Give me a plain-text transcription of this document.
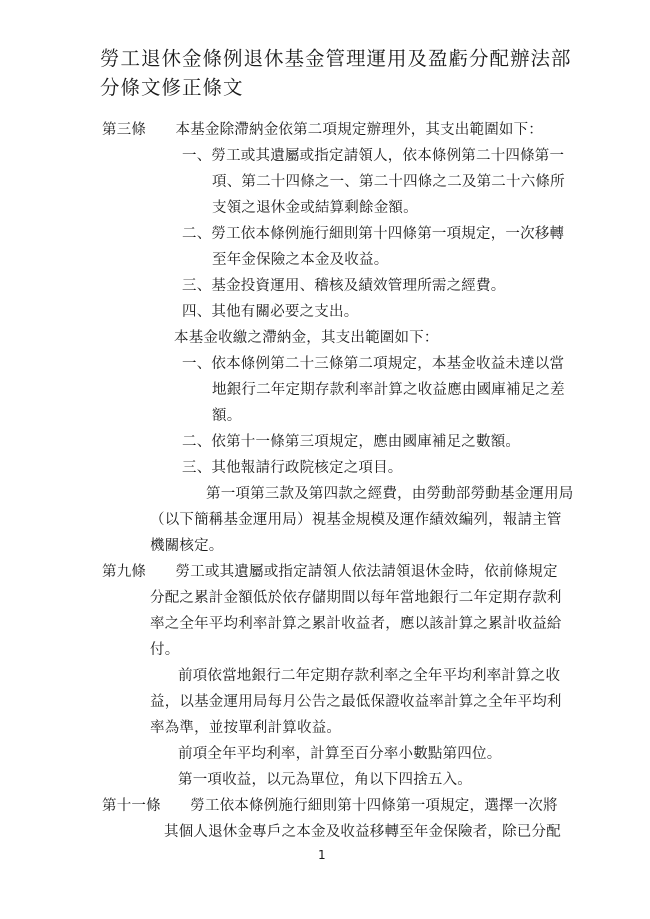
勞工退休金條例退休基金管理運用及盈虧分配辦法部
分條文修正條文
第三條　　本基金除滯納金依第二項規定辦理外，其支出範圍如下：
一、勞工或其遺屬或指定請領人，依本條例第二十四條第一
項、第二十四條之一、第二十四條之二及第二十六條所
支領之退休金或結算剩餘金額。
二、勞工依本條例施行細則第十四條第一項規定，一次移轉
至年金保險之本金及收益。
三、基金投資運用、稽核及績效管理所需之經費。
四、其他有關必要之支出。
本基金收繳之滯納金，其支出範圍如下：
一、依本條例第二十三條第二項規定，本基金收益未達以當
地銀行二年定期存款利率計算之收益應由國庫補足之差
額。
二、依第十一條第三項規定，應由國庫補足之數額。
三、其他報請行政院核定之項目。
第一項第三款及第四款之經費，由勞動部勞動基金運用局
（以下簡稱基金運用局）視基金規模及運作績效編列，報請主管
機關核定。
第九條　　勞工或其遺屬或指定請領人依法請領退休金時，依前條規定
分配之累計金額低於依存儲期間以每年當地銀行二年定期存款利
率之全年平均利率計算之累計收益者，應以該計算之累計收益給
付。
前項依當地銀行二年定期存款利率之全年平均利率計算之收
益，以基金運用局每月公告之最低保證收益率計算之全年平均利
率為準，並按單利計算收益。
前項全年平均利率，計算至百分率小數點第四位。
第一項收益，以元為單位，角以下四捨五入。
第十一條　　勞工依本條例施行細則第十四條第一項規定，選擇一次將
其個人退休金專戶之本金及收益移轉至年金保險者，除已分配
1
